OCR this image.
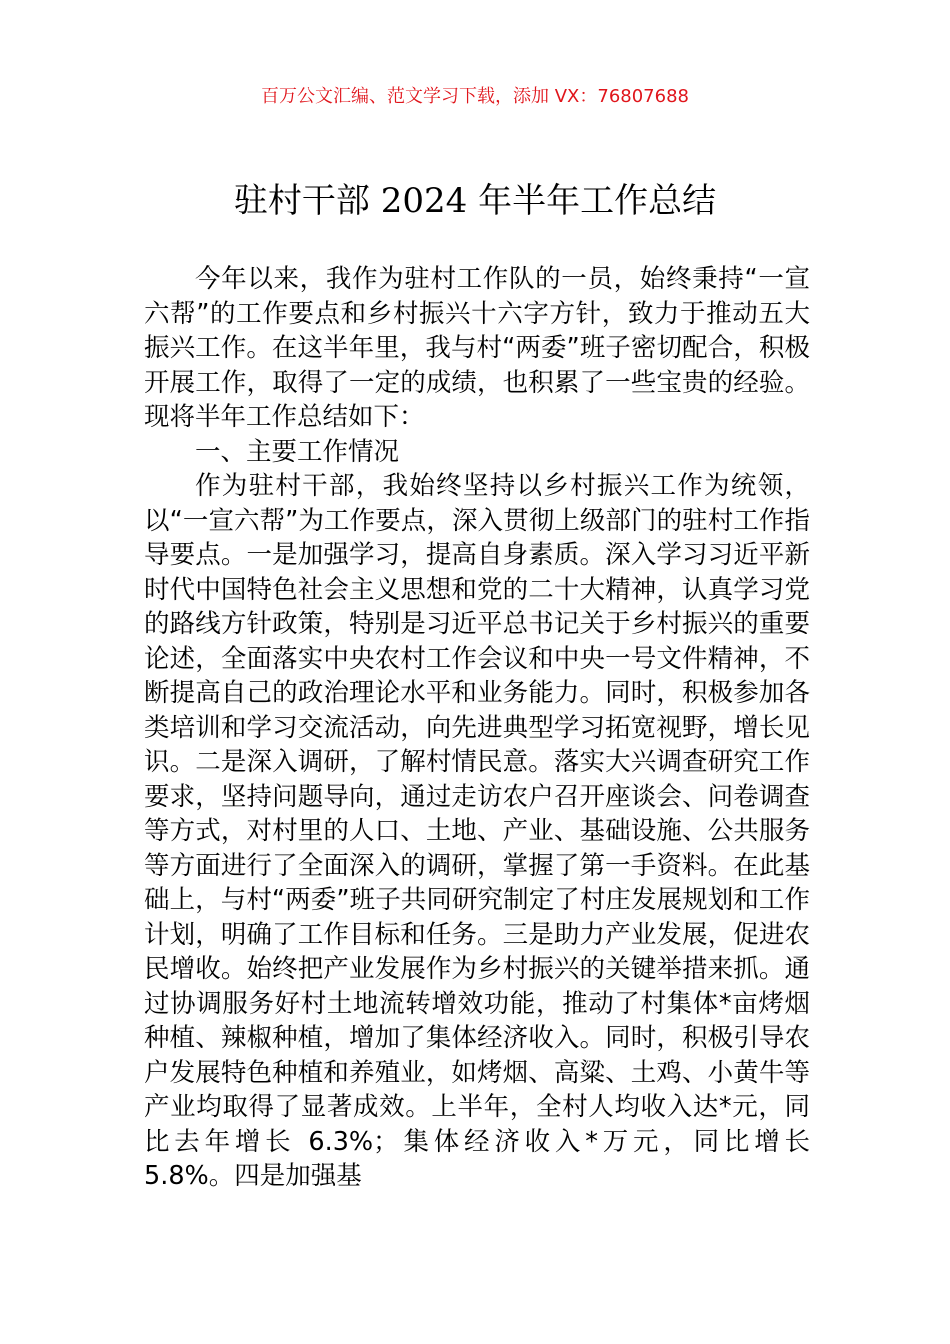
百万公文汇编、范文学习下载，添加 VX：76807688
驻村干部 2024 年半年工作总结

今年以来，我作为驻村工作队的一员，始终秉持“一宣六帮”的工作要点和乡村振兴十六字方针，致力于推动五大振兴工作。在这半年里，我与村“两委”班子密切配合，积极开展工作，取得了一定的成绩，也积累了一些宝贵的经验。现将半年工作总结如下：

一、主要工作情况

作为驻村干部，我始终坚持以乡村振兴工作为统领，以“一宣六帮”为工作要点，深入贯彻上级部门的驻村工作指导要点。一是加强学习，提高自身素质。深入学习习近平新时代中国特色社会主义思想和党的二十大精神，认真学习党的路线方针政策，特别是习近平总书记关于乡村振兴的重要论述，全面落实中央农村工作会议和中央一号文件精神，不断提高自己的政治理论水平和业务能力。同时，积极参加各类培训和学习交流活动，向先进典型学习拓宽视野，增长见识。二是深入调研，了解村情民意。落实大兴调查研究工作要求，坚持问题导向，通过走访农户召开座谈会、问卷调查等方式，对村里的人口、土地、产业、基础设施、公共服务等方面进行了全面深入的调研，掌握了第一手资料。在此基础上，与村“两委”班子共同研究制定了村庄发展规划和工作计划，明确了工作目标和任务。三是助力产业发展，促进农民增收。始终把产业发展作为乡村振兴的关键举措来抓。通过协调服务好村土地流转增效功能，推动了村集体*亩烤烟种植、辣椒种植，增加了集体经济收入。同时，积极引导农户发展特色种植和养殖业，如烤烟、高粱、土鸡、小黄牛等产业均取得了显著成效。上半年，全村人均收入达*元，同比去年增长 6.3%；集体经济收入*万元，同比增长 5.8%。四是加强基
